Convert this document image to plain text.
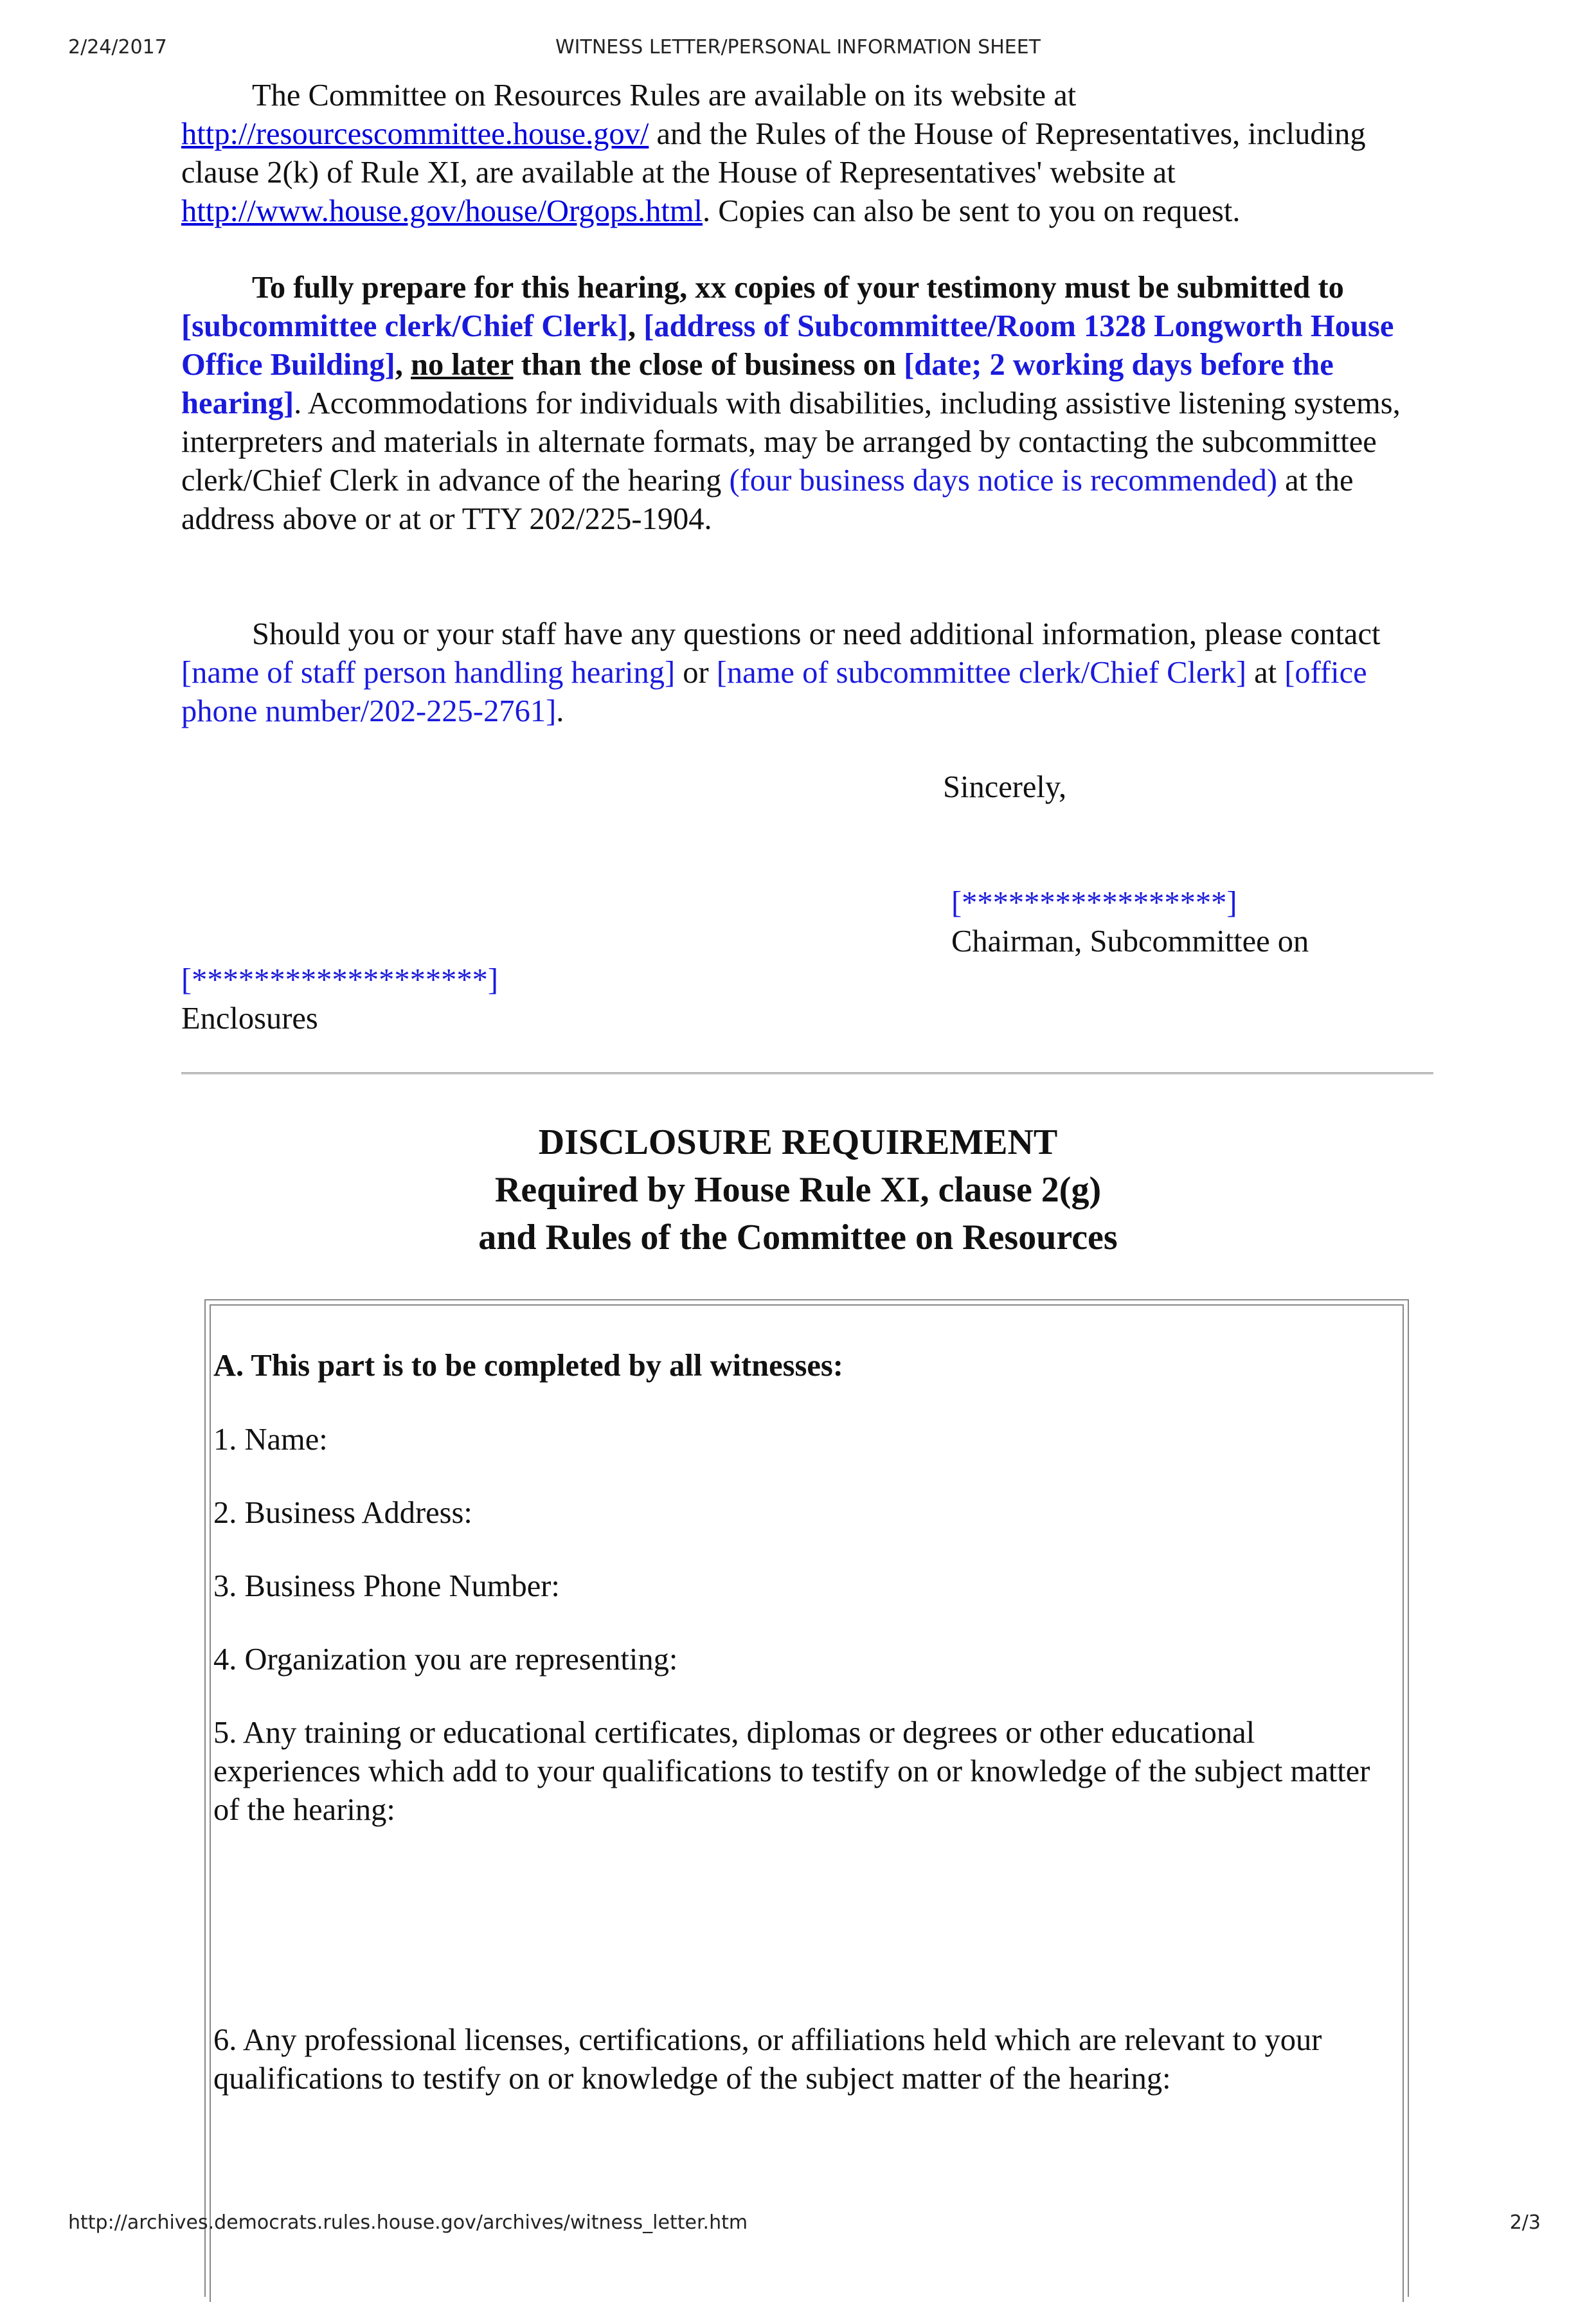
2/24/2017	WITNESS LETTER/PERSONAL INFORMATION SHEET
The Committee on Resources Rules are available on its website at
http://resourcescommittee.house.gov/ and the Rules of the House of Representatives, including clause 2(k) of Rule XI, are available at the House of Representatives' website at http://www.house.gov/house/Orgops.html. Copies can also be sent to you on request.
To fully prepare for this hearing, xx copies of your testimony must be submitted to [subcommittee clerk/Chief Clerk], [address of Subcommittee/Room 1328 Longworth House Office Building], no later than the close of business on [date; 2 working days before the hearing]. Accommodations for individuals with disabilities, including assistive listening systems, interpreters and materials in alternate formats, may be arranged by contacting the subcommittee clerk/Chief Clerk in advance of the hearing (four business days notice is recommended) at the address above or at or TTY 202/225-1904.
Should you or your staff have any questions or need additional information, please contact [name of staff person handling hearing] or [name of subcommittee clerk/Chief Clerk] at [office phone number/202-225-2761].
Sincerely,
[*****************]
Chairman, Subcommittee on
[*******************]
Enclosures
DISCLOSURE REQUIREMENT
Required by House Rule XI, clause 2(g)
and Rules of the Committee on Resources
A. This part is to be completed by all witnesses:
1. Name:
2. Business Address:
3. Business Phone Number:
4. Organization you are representing:
5. Any training or educational certificates, diplomas or degrees or other educational experiences which add to your qualifications to testify on or knowledge of the subject matter of the hearing:
6. Any professional licenses, certifications, or affiliations held which are relevant to your qualifications to testify on or knowledge of the subject matter of the hearing:
http://archives.democrats.rules.house.gov/archives/witness_letter.htm	2/3
